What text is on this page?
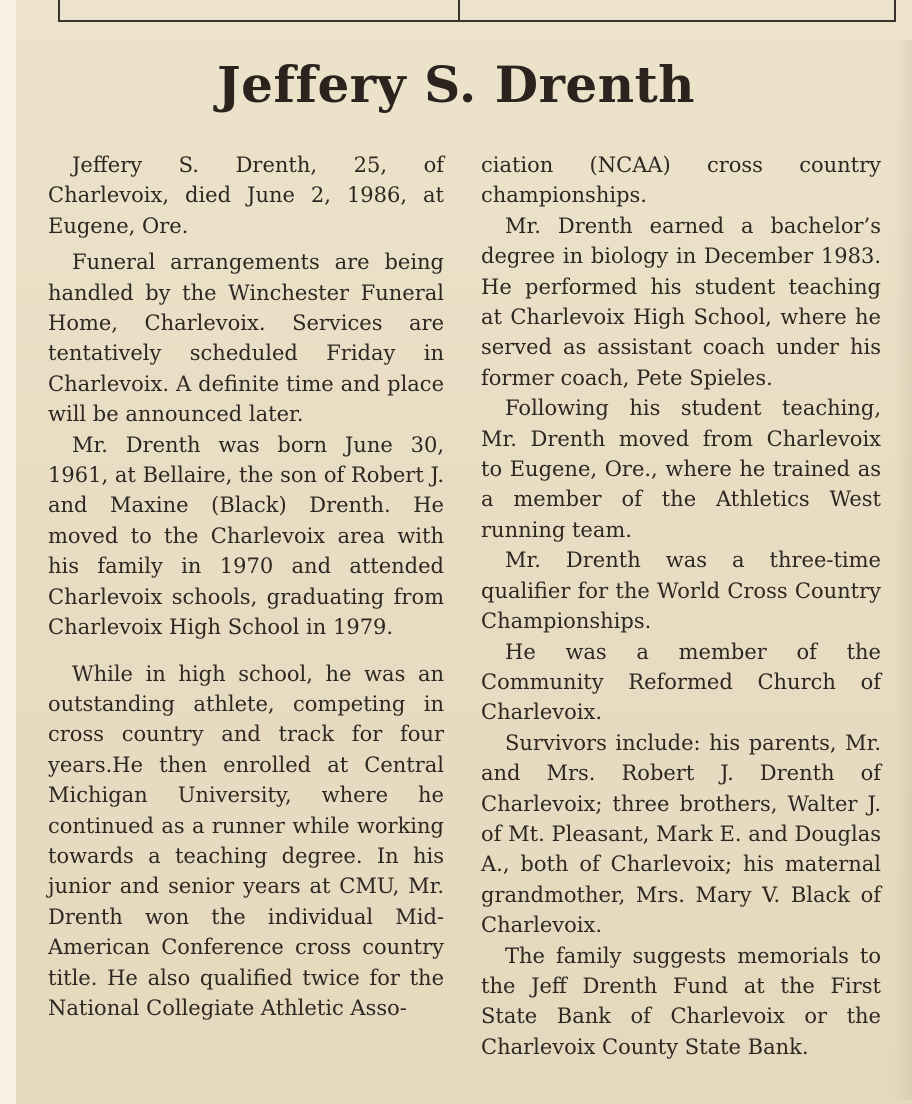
Jeffery S. Drenth

Jeffery S. Drenth, 25, of Charlevoix, died June 2, 1986, at Eugene, Ore.

Funeral arrangements are being handled by the Winchester Funeral Home, Charlevoix. Services are tentatively scheduled Friday in Charlevoix. A definite time and place will be announced later.

Mr. Drenth was born June 30, 1961, at Bellaire, the son of Robert J. and Maxine (Black) Drenth. He moved to the Charlevoix area with his family in 1970 and attended Charlevoix schools, graduating from Charlevoix High School in 1979.

While in high school, he was an outstanding athlete, competing in cross country and track for four years.He then enrolled at Central Michigan University, where he continued as a runner while working towards a teaching degree. In his junior and senior years at CMU, Mr. Drenth won the individual Mid-American Conference cross country title. He also qualified twice for the National Collegiate Athletic Asso-

ciation (NCAA) cross country championships.

Mr. Drenth earned a bachelor’s degree in biology in December 1983. He performed his student teaching at Charlevoix High School, where he served as assistant coach under his former coach, Pete Spieles.

Following his student teaching, Mr. Drenth moved from Charlevoix to Eugene, Ore., where he trained as a member of the Athletics West running team.

Mr. Drenth was a three-time qualifier for the World Cross Country Championships.

He was a member of the Community Reformed Church of Charlevoix.

Survivors include: his parents, Mr. and Mrs. Robert J. Drenth of Charlevoix; three brothers, Walter J. of Mt. Pleasant, Mark E. and Douglas A., both of Charlevoix; his maternal grandmother, Mrs. Mary V. Black of Charlevoix.

The family suggests memorials to the Jeff Drenth Fund at the First State Bank of Charlevoix or the Charlevoix County State Bank.
